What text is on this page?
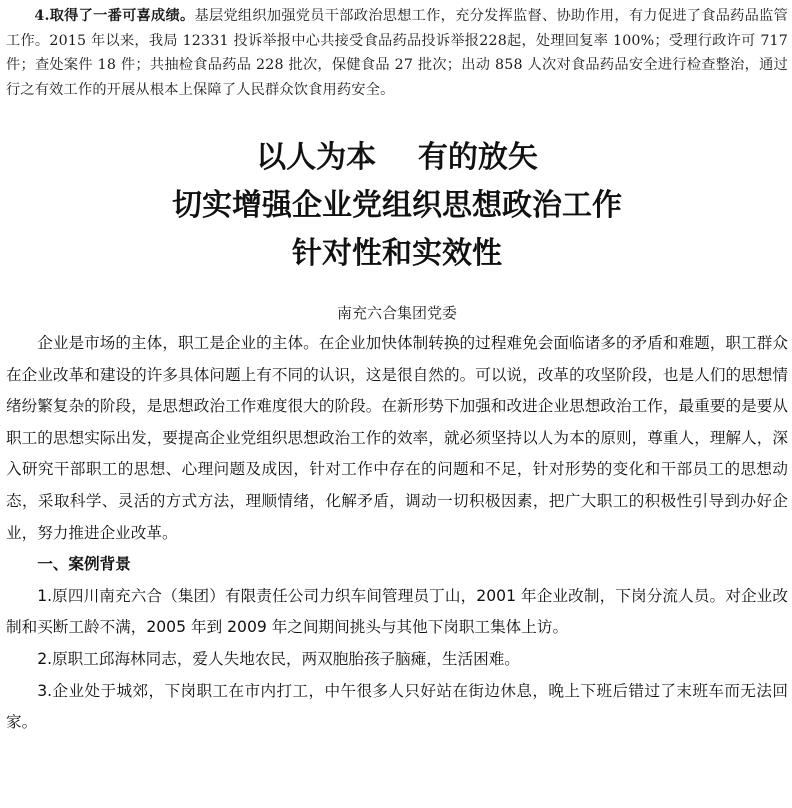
4.取得了一番可喜成绩。基层党组织加强党员干部政治思想工作，充分发挥监督、协助作用，有力促进了食品药品监管工作。2015 年以来，我局 12331 投诉举报中心共接受食品药品投诉举报228起，处理回复率 100%；受理行政许可 717 件；查处案件 18 件；共抽检食品药品 228 批次，保健食品 27 批次；出动 858 人次对食品药品安全进行检查整治，通过行之有效工作的开展从根本上保障了人民群众饮食用药安全。

以人为本    有的放矢
切实增强企业党组织思想政治工作
针对性和实效性
南充六合集团党委

企业是市场的主体，职工是企业的主体。在企业加快体制转换的过程难免会面临诸多的矛盾和难题，职工群众在企业改革和建设的许多具体问题上有不同的认识，这是很自然的。可以说，改革的攻坚阶段，也是人们的思想情绪纷繁复杂的阶段，是思想政治工作难度很大的阶段。在新形势下加强和改进企业思想政治工作，最重要的是要从职工的思想实际出发，要提高企业党组织思想政治工作的效率，就必须坚持以人为本的原则，尊重人，理解人，深入研究干部职工的思想、心理问题及成因，针对工作中存在的问题和不足，针对形势的变化和干部员工的思想动态，采取科学、灵活的方式方法，理顺情绪，化解矛盾，调动一切积极因素，把广大职工的积极性引导到办好企业，努力推进企业改革。

一、案例背景

1.原四川南充六合（集团）有限责任公司力织车间管理员丁山，2001 年企业改制，下岗分流人员。对企业改制和买断工龄不满，2005 年到 2009 年之间期间挑头与其他下岗职工集体上访。

2.原职工邱海林同志，爱人失地农民，两双胞胎孩子脑瘫，生活困难。

3.企业处于城郊，下岗职工在市内打工，中午很多人只好站在街边休息，晚上下班后错过了末班车而无法回家。
